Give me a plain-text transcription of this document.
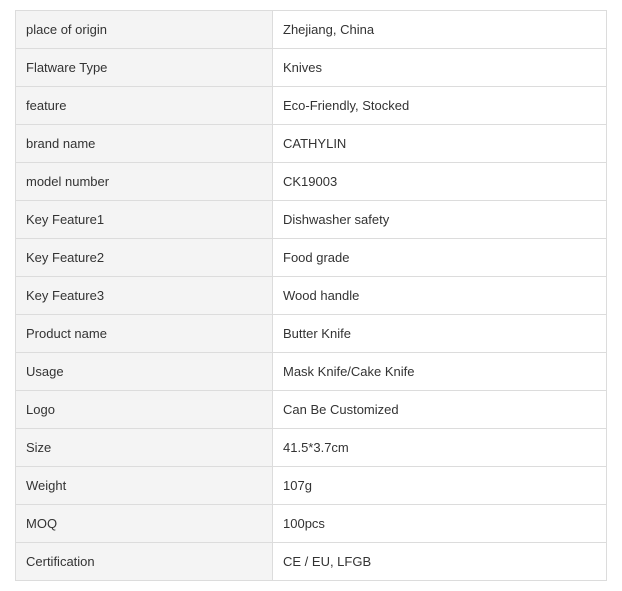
place of origin	Zhejiang, China
Flatware Type	Knives
feature	Eco-Friendly, Stocked
brand name	CATHYLIN
model number	CK19003
Key Feature1	Dishwasher safety
Key Feature2	Food grade
Key Feature3	Wood handle
Product name	Butter Knife
Usage	Mask Knife/Cake Knife
Logo	Can Be Customized
Size	41.5*3.7cm
Weight	107g
MOQ	100pcs
Certification	CE / EU, LFGB
